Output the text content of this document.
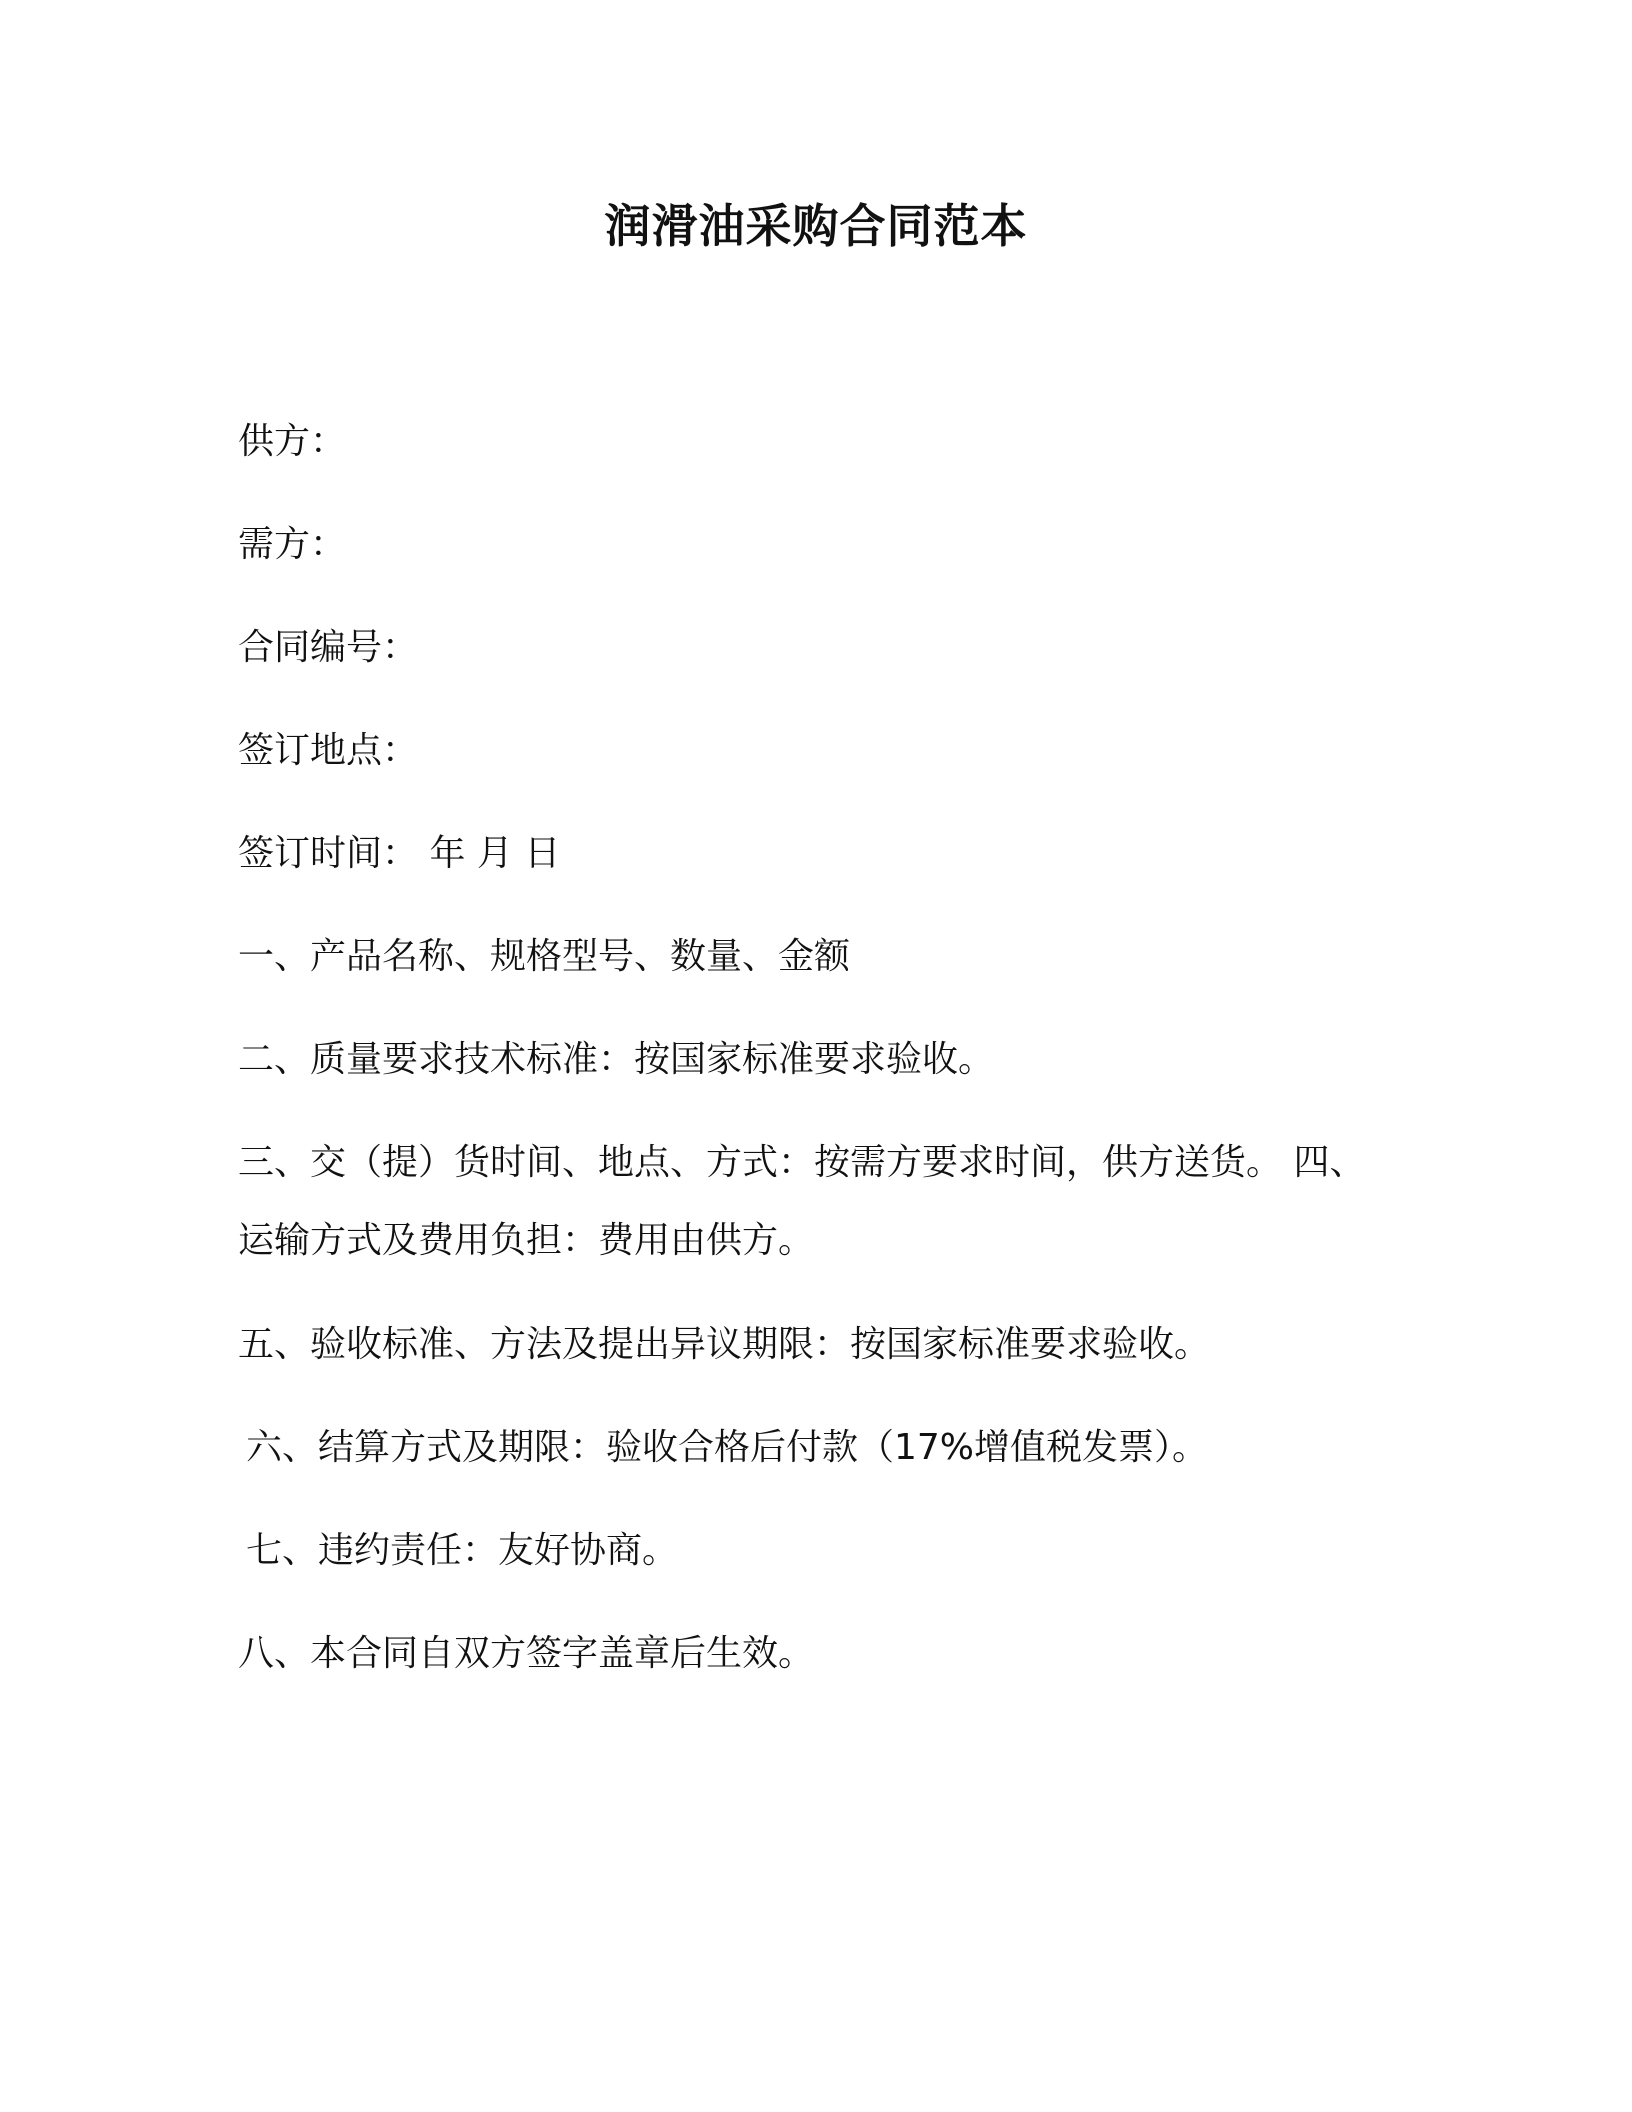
润滑油采购合同范本
供方：
需方：
合同编号：
签订地点：
签订时间： 年 月 日
一、产品名称、规格型号、数量、金额
二、质量要求技术标准：按国家标准要求验收。
三、交（提）货时间、地点、方式：按需方要求时间，供方送货。 四、运输方式及费用负担：费用由供方。
五、验收标准、方法及提出异议期限：按国家标准要求验收。
六、结算方式及期限：验收合格后付款（17%增值税发票）。
七、违约责任：友好协商。
八、本合同自双方签字盖章后生效。
